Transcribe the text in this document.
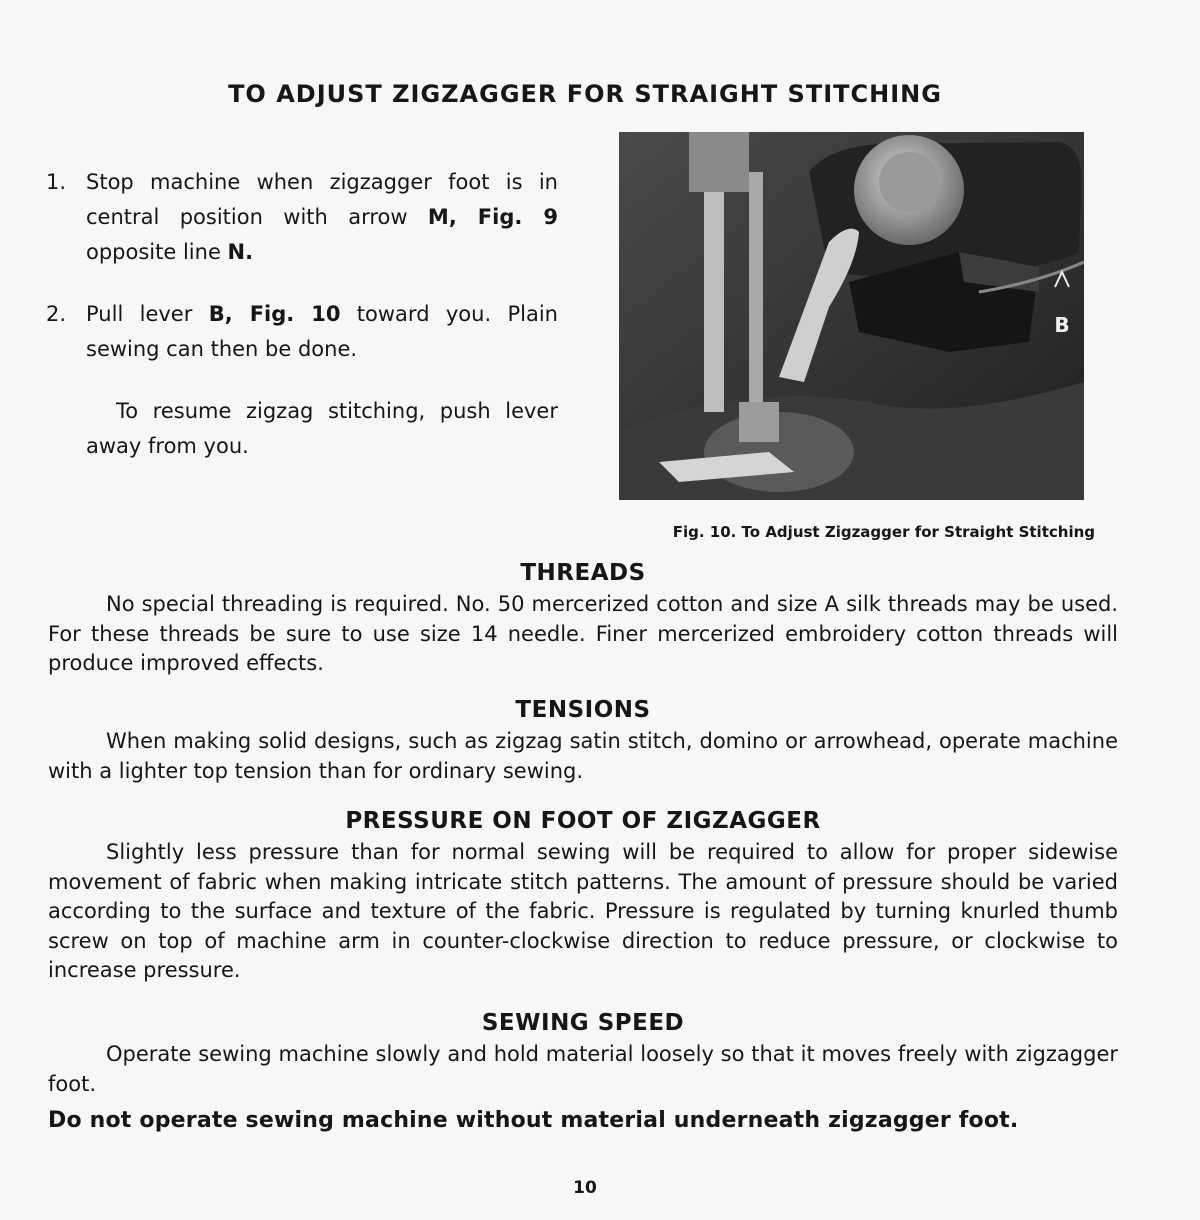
TO ADJUST ZIGZAGGER FOR STRAIGHT STITCHING
1. Stop machine when zigzagger foot is in central position with arrow M, Fig. 9 opposite line N.
2. Pull lever B, Fig. 10 toward you. Plain sewing can then be done.
To resume zigzag stitching, push lever away from you.
B
Fig. 10. To Adjust Zigzagger for Straight Stitching
THREADS

No special threading is required. No. 50 mercerized cotton and size A silk threads may be used. For these threads be sure to use size 14 needle. Finer mercerized embroidery cotton threads will produce improved effects.

TENSIONS

When making solid designs, such as zigzag satin stitch, domino or arrowhead, operate machine with a lighter top tension than for ordinary sewing.

PRESSURE ON FOOT OF ZIGZAGGER

Slightly less pressure than for normal sewing will be required to allow for proper sidewise movement of fabric when making intricate stitch patterns. The amount of pressure should be varied according to the surface and texture of the fabric. Pressure is regulated by turning knurled thumb screw on top of machine arm in counter-clockwise direction to reduce pressure, or clockwise to increase pressure.

SEWING SPEED

Operate sewing machine slowly and hold material loosely so that it moves freely with zigzagger foot.

Do not operate sewing machine without material underneath zigzagger foot.
10
